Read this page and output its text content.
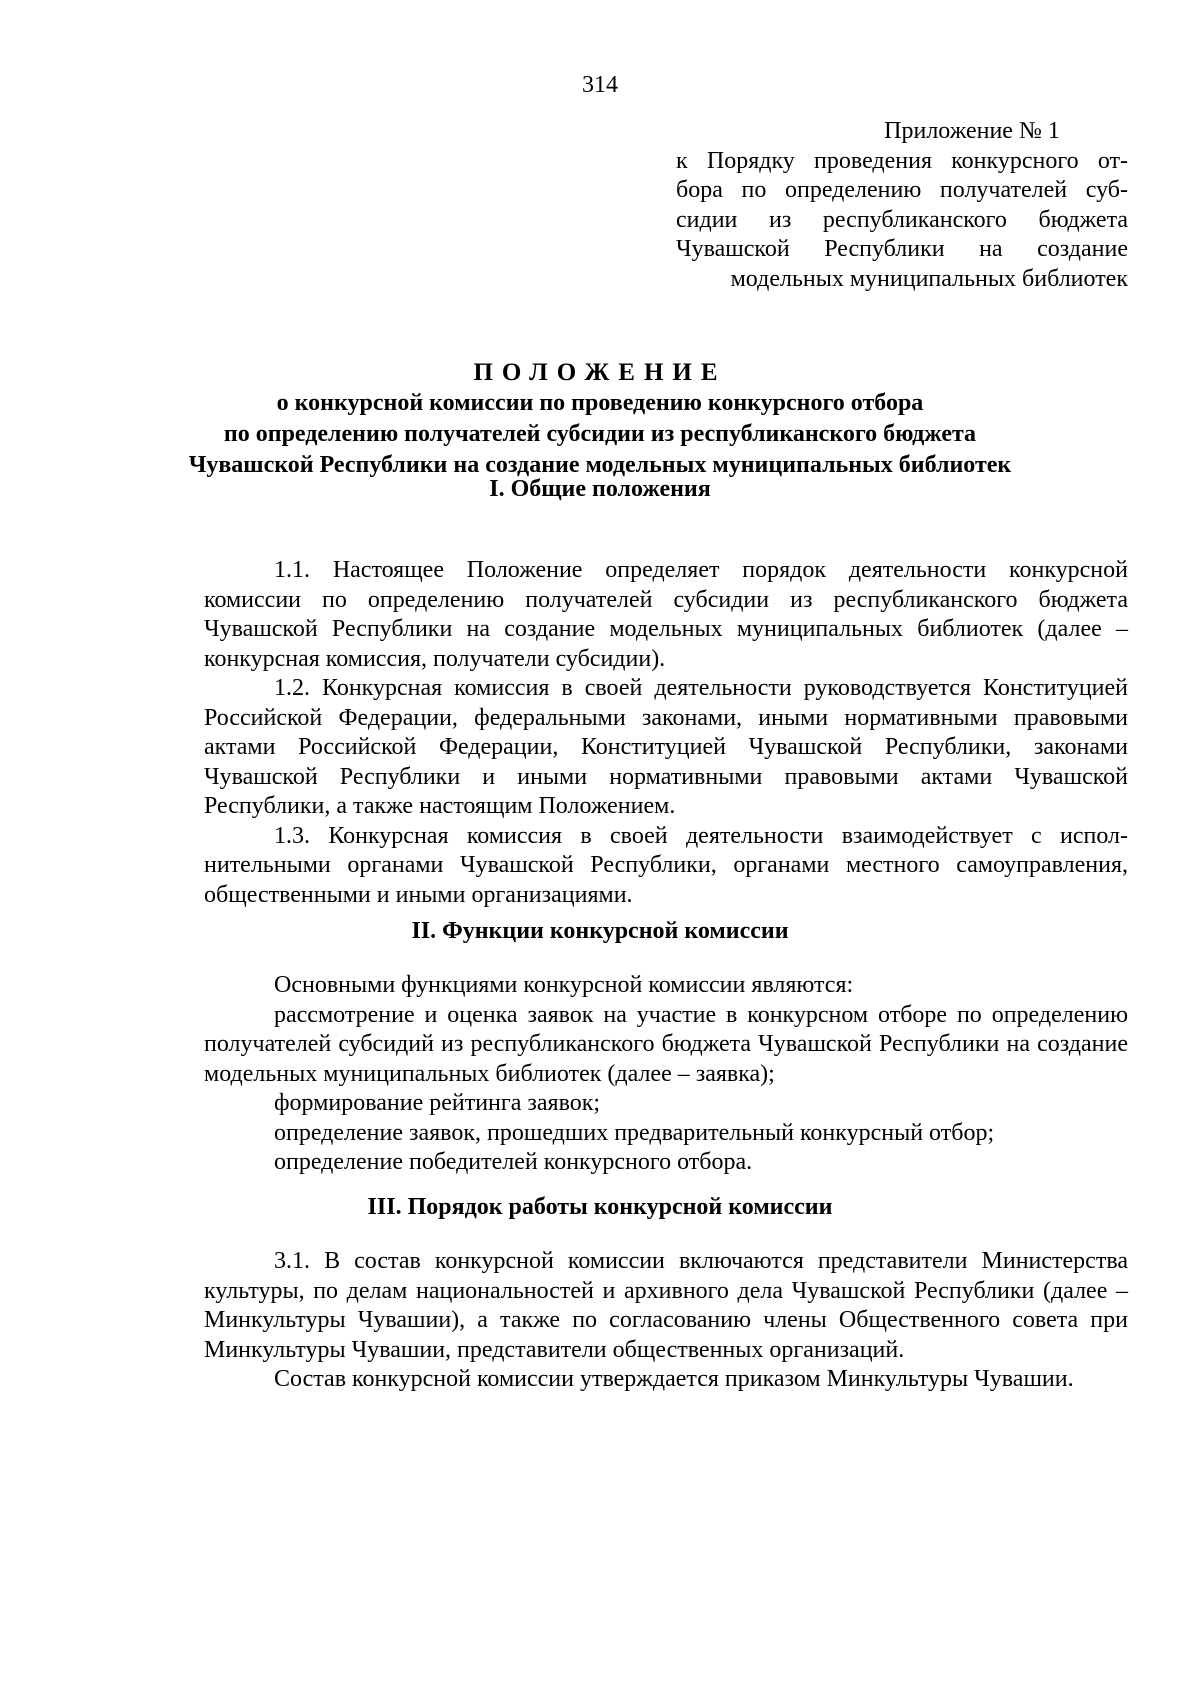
314
Приложение № 1
к Порядку проведения конкурсного от-
бора по определению получателей суб-
сидии из республиканского бюджета
Чувашской Республики на создание
модельных муниципальных библиотек
ПОЛОЖЕНИЕ
о конкурсной комиссии по проведению конкурсного отбора
по определению получателей субсидии из республиканского бюджета
Чувашской Республики на создание модельных муниципальных библиотек
I. Общие положения

1.1. Настоящее Положение определяет порядок деятельности конкурсной комиссии по определению получателей субсидии из республиканского бюджета Чувашской Республики на создание модельных муниципальных библиотек (далее – конкурсная комиссия, получатели субсидии).

1.2. Конкурсная комиссия в своей деятельности руководствуется Конституцией Российской Федерации, федеральными законами, иными нормативными правовыми актами Российской Федерации, Конституцией Чувашской Республики, законами Чувашской Республики и иными нормативными правовыми актами Чувашской Республики, а также настоящим Положением.

1.3. Конкурсная комиссия в своей деятельности взаимодействует с исполнительными органами Чувашской Республики, органами местного самоуправления, общественными и иными организациями.

II. Функции конкурсной комиссии

Основными функциями конкурсной комиссии являются:

рассмотрение и оценка заявок на участие в конкурсном отборе по определению получателей субсидий из республиканского бюджета Чувашской Республики на создание модельных муниципальных библиотек (далее – заявка);

формирование рейтинга заявок;

определение заявок, прошедших предварительный конкурсный отбор;

определение победителей конкурсного отбора.

III. Порядок работы конкурсной комиссии

3.1. В состав конкурсной комиссии включаются представители Министерства культуры, по делам национальностей и архивного дела Чувашской Республики (далее – Минкультуры Чувашии), а также по согласованию члены Общественного совета при Минкультуры Чувашии, представители общественных организаций.

Состав конкурсной комиссии утверждается приказом Минкультуры Чувашии.
